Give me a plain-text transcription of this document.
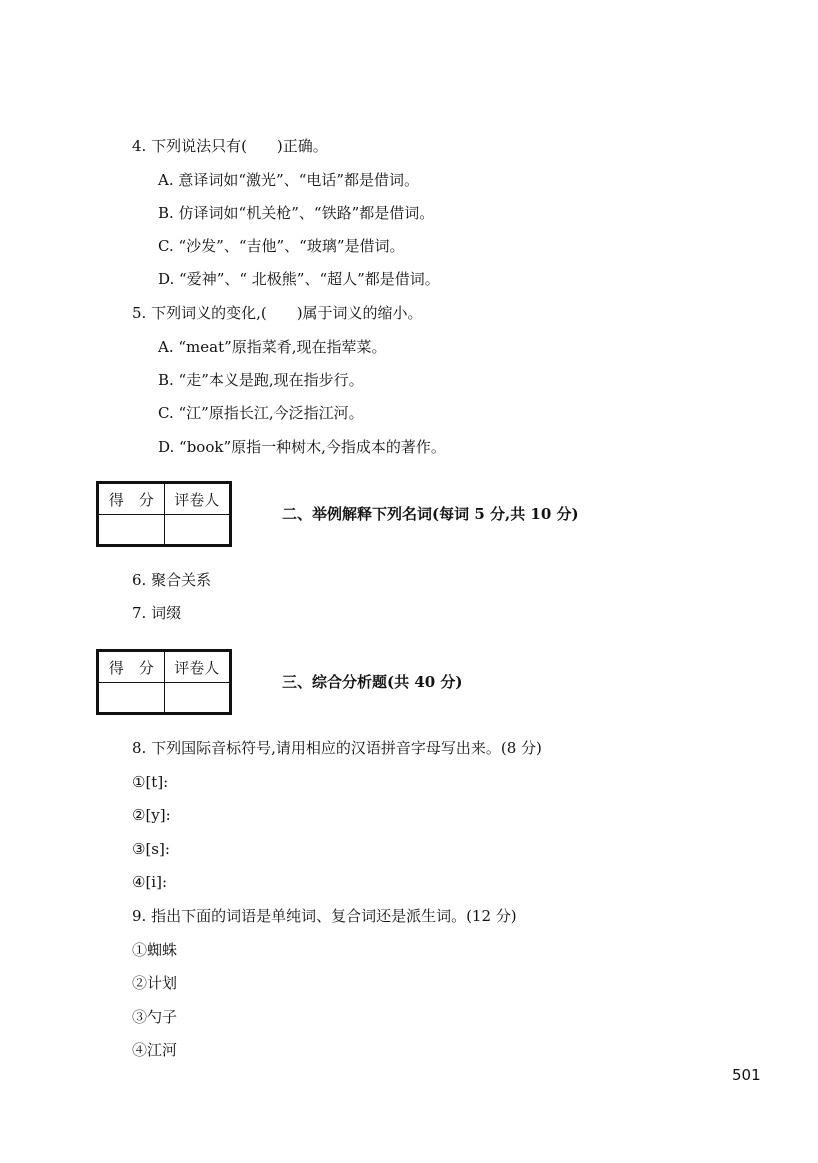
4. 下列说法只有(　　)正确。
A. 意译词如“激光”、“电话”都是借词。
B. 仿译词如“机关枪”、“铁路”都是借词。
C. “沙发”、“吉他”、“玻璃”是借词。
D. “爱神”、“ 北极熊”、“超人”都是借词。
5. 下列词义的变化,(　　)属于词义的缩小。
A. “meat”原指菜肴,现在指荤菜。
B. “走”本义是跑,现在指步行。
C. “江”原指长江,今泛指江河。
D. “book”原指一种树木,今指成本的著作。
得　分	评卷人

二、举例解释下列名词(每词 5 分,共 10 分)
6. 聚合关系
7. 词缀
得　分	评卷人

三、综合分析题(共 40 分)
8. 下列国际音标符号,请用相应的汉语拼音字母写出来。(8 分)
①[t]:
②[y]:
③[s]:
④[i]:
9. 指出下面的词语是单纯词、复合词还是派生词。(12 分)
①蜘蛛
②计划
③勺子
④江河
501
